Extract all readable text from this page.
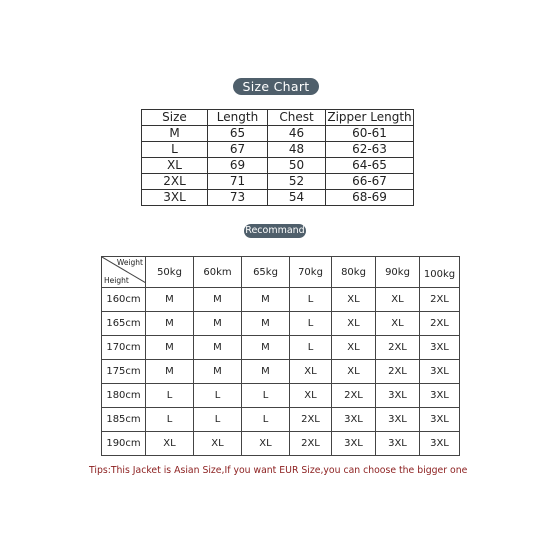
Size Chart
Size	Length	Chest	Zipper Length
M	65	46	60-61
L	67	48	62-63
XL	69	50	64-65
2XL	71	52	66-67
3XL	73	54	68-69
Recommand
Weight
Height	50kg	60km	65kg	70kg	80kg	90kg	100kg
160cm	M	M	M	L	XL	XL	2XL
165cm	M	M	M	L	XL	XL	2XL
170cm	M	M	M	L	XL	2XL	3XL
175cm	M	M	M	XL	XL	2XL	3XL
180cm	L	L	L	XL	2XL	3XL	3XL
185cm	L	L	L	2XL	3XL	3XL	3XL
190cm	XL	XL	XL	2XL	3XL	3XL	3XL
Tips:This Jacket is Asian Size,If you want EUR Size,you can choose the bigger one
